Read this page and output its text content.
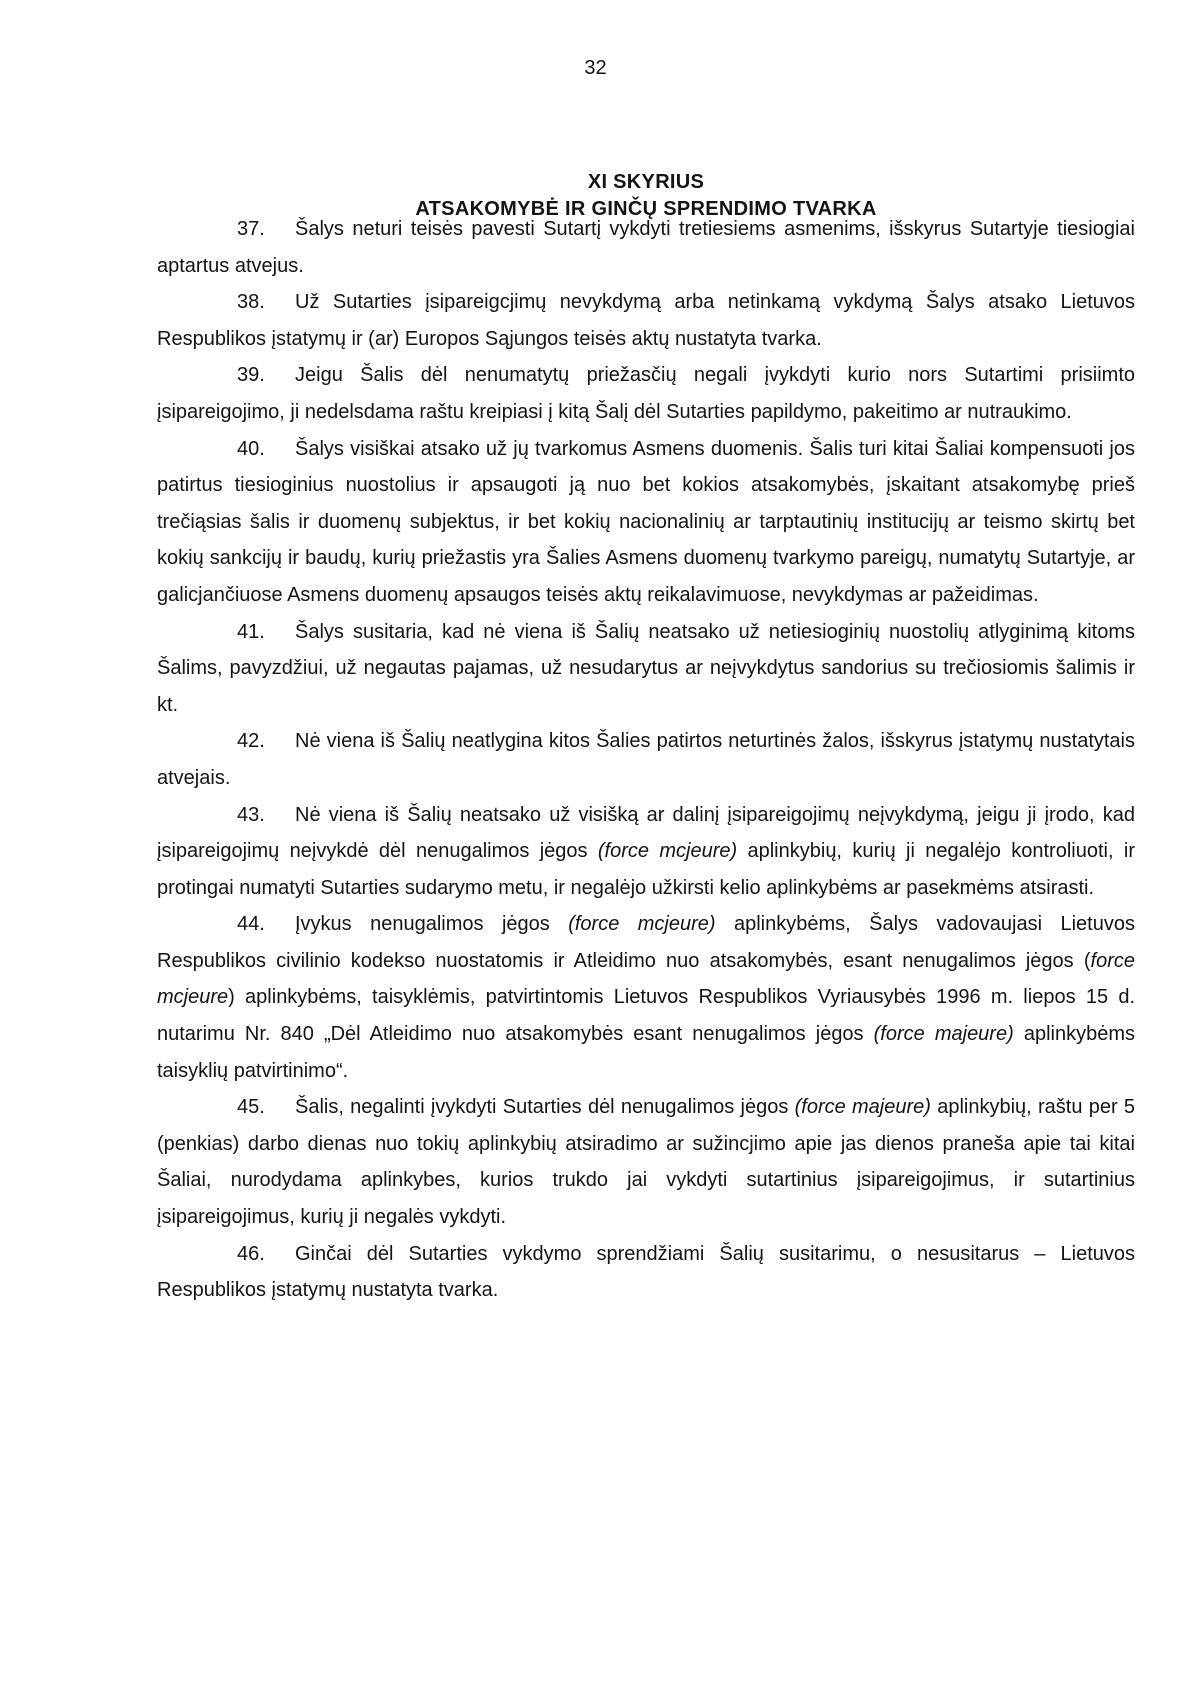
32
XI SKYRIUS
ATSAKOMYBĖ IR GINČŲ SPRENDIMO TVARKA

37. Šalys neturi teisės pavesti Sutartį vykdyti tretiesiems asmenims, išskyrus Sutartyje tiesiogiai aptartus atvejus.

38. Už Sutarties įsipareigcjimų nevykdymą arba netinkamą vykdymą Šalys atsako Lietuvos Respublikos įstatymų ir (ar) Europos Sąjungos teisės aktų nustatyta tvarka.

39. Jeigu Šalis dėl nenumatytų priežasčių negali įvykdyti kurio nors Sutartimi prisiimto įsipareigojimo, ji nedelsdama raštu kreipiasi į kitą Šalį dėl Sutarties papildymo, pakeitimo ar nutraukimo.

40. Šalys visiškai atsako už jų tvarkomus Asmens duomenis. Šalis turi kitai Šaliai kompensuoti jos patirtus tiesioginius nuostolius ir apsaugoti ją nuo bet kokios atsakomybės, įskaitant atsakomybę prieš trečiąsias šalis ir duomenų subjektus, ir bet kokių nacionalinių ar tarptautinių institucijų ar teismo skirtų bet kokių sankcijų ir baudų, kurių priežastis yra Šalies Asmens duomenų tvarkymo pareigų, numatytų Sutartyje, ar galicjančiuose Asmens duomenų apsaugos teisės aktų reikalavimuose, nevykdymas ar pažeidimas.

41. Šalys susitaria, kad nė viena iš Šalių neatsako už netiesioginių nuostolių atlyginimą kitoms Šalims, pavyzdžiui, už negautas pajamas, už nesudarytus ar neįvykdytus sandorius su trečiosiomis šalimis ir kt.

42. Nė viena iš Šalių neatlygina kitos Šalies patirtos neturtinės žalos, išskyrus įstatymų nustatytais atvejais.

43. Nė viena iš Šalių neatsako už visišką ar dalinį įsipareigojimų neįvykdymą, jeigu ji įrodo, kad įsipareigojimų neįvykdė dėl nenugalimos jėgos (force mcjeure) aplinkybių, kurių ji negalėjo kontroliuoti, ir protingai numatyti Sutarties sudarymo metu, ir negalėjo užkirsti kelio aplinkybėms ar pasekmėms atsirasti.

44. Įvykus nenugalimos jėgos (force mcjeure) aplinkybėms, Šalys vadovaujasi Lietuvos Respublikos civilinio kodekso nuostatomis ir Atleidimo nuo atsakomybės, esant nenugalimos jėgos (force mcjeure) aplinkybėms, taisyklėmis, patvirtintomis Lietuvos Respublikos Vyriausybės 1996 m. liepos 15 d. nutarimu Nr. 840 „Dėl Atleidimo nuo atsakomybės esant nenugalimos jėgos (force majeure) aplinkybėms taisyklių patvirtinimo“.

45. Šalis, negalinti įvykdyti Sutarties dėl nenugalimos jėgos (force majeure) aplinkybių, raštu per 5 (penkias) darbo dienas nuo tokių aplinkybių atsiradimo ar sužincjimo apie jas dienos praneša apie tai kitai Šaliai, nurodydama aplinkybes, kurios trukdo jai vykdyti sutartinius įsipareigojimus, ir sutartinius įsipareigojimus, kurių ji negalės vykdyti.

46. Ginčai dėl Sutarties vykdymo sprendžiami Šalių susitarimu, o nesusitarus – Lietuvos Respublikos įstatymų nustatyta tvarka.
